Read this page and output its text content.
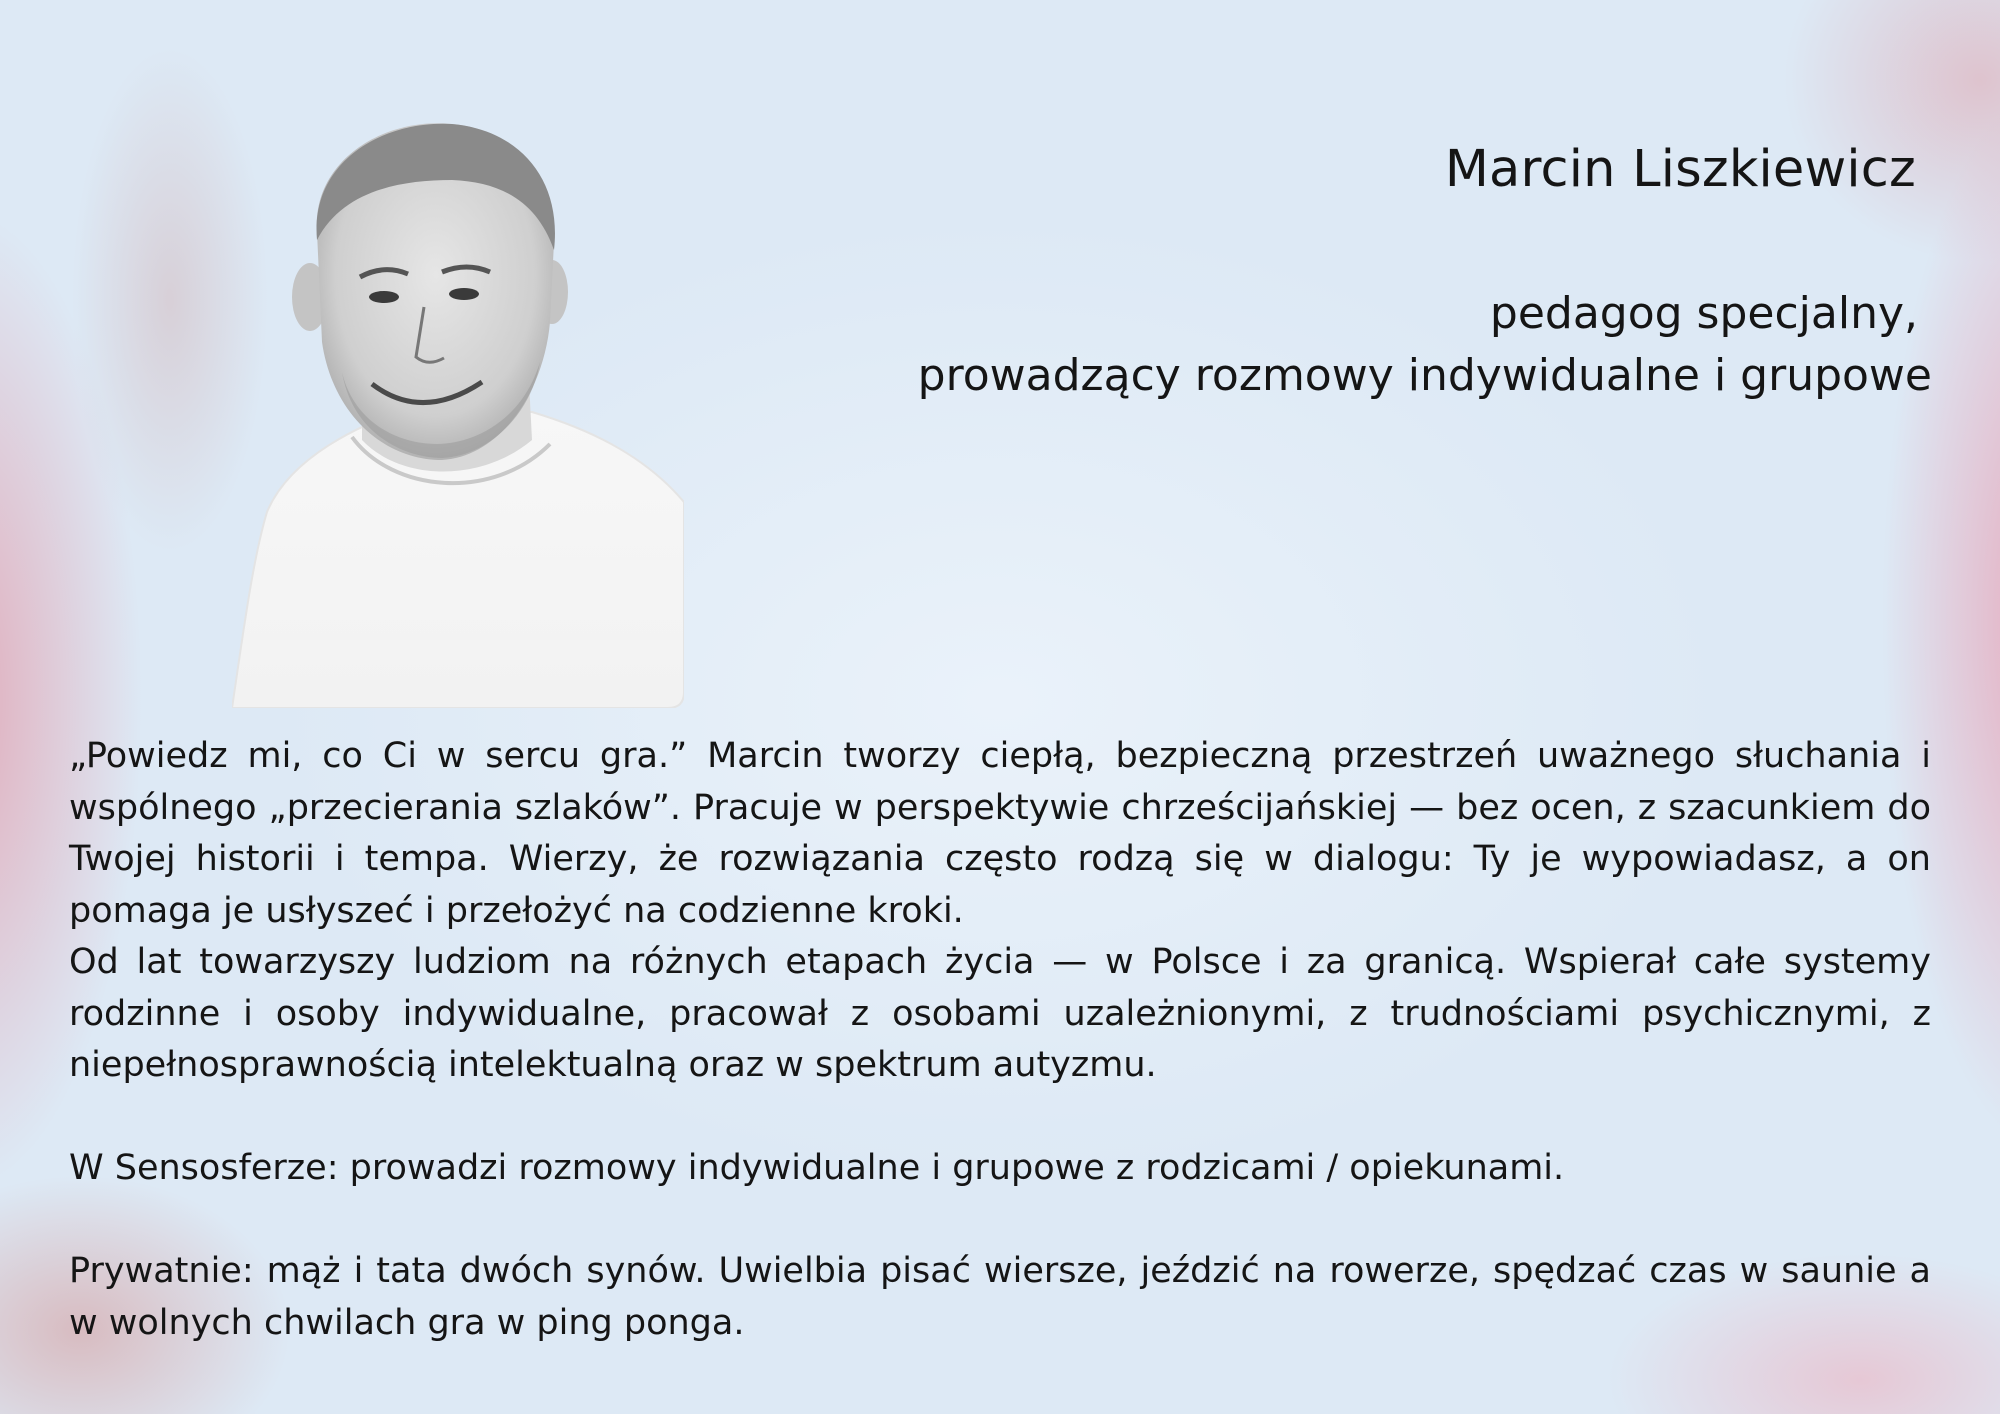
Marcin Liszkiewicz
pedagog specjalny,
prowadzący rozmowy indywidualne i grupowe

„Powiedz mi, co Ci w sercu gra.” Marcin tworzy ciepłą, bezpieczną przestrzeń uważnego słuchania i wspólnego „przecierania szlaków”. Pracuje w perspektywie chrześcijańskiej — bez ocen, z szacunkiem do Twojej historii i tempa. Wierzy, że rozwiązania często rodzą się w dialogu: Ty je wypowiadasz, a on pomaga je usłyszeć i przełożyć na codzienne kroki.

Od lat towarzyszy ludziom na różnych etapach życia — w Polsce i za granicą. Wspierał całe systemy rodzinne i osoby indywidualne, pracował z osobami uzależnionymi, z trudnościami psychicznymi, z niepełnosprawnością intelektualną oraz w spektrum autyzmu.

W Sensosferze: prowadzi rozmowy indywidualne i grupowe z rodzicami / opiekunami.

Prywatnie: mąż i tata dwóch synów. Uwielbia pisać wiersze, jeździć na rowerze, spędzać czas w saunie a w wolnych chwilach gra w ping ponga.
